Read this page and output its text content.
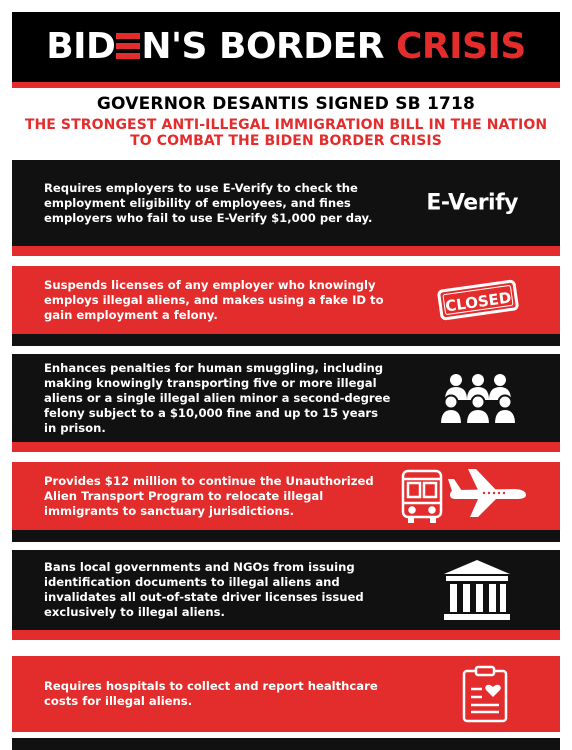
BID N'S BORDER CRISIS
GOVERNOR DESANTIS SIGNED SB 1718
THE STRONGEST ANTI-ILLEGAL IMMIGRATION BILL IN THE NATION TO COMBAT THE BIDEN BORDER CRISIS
Requires employers to use E-Verify to check the employment eligibility of employees, and fines employers who fail to use E-Verify $1,000 per day.
E-Verify
Suspends licenses of any employer who knowingly employs illegal aliens, and makes using a fake ID to gain employment a felony.	CLOSED
Enhances penalties for human smuggling, including making knowingly transporting five or more illegal aliens or a single illegal alien minor a second-degree felony subject to a $10,000 fine and up to 15 years in prison.
Provides $12 million to continue the Unauthorized Alien Transport Program to relocate illegal immigrants to sanctuary jurisdictions.
Bans local governments and NGOs from issuing identification documents to illegal aliens and invalidates all out-of-state driver licenses issued exclusively to illegal aliens.
Requires hospitals to collect and report healthcare costs for illegal aliens.
